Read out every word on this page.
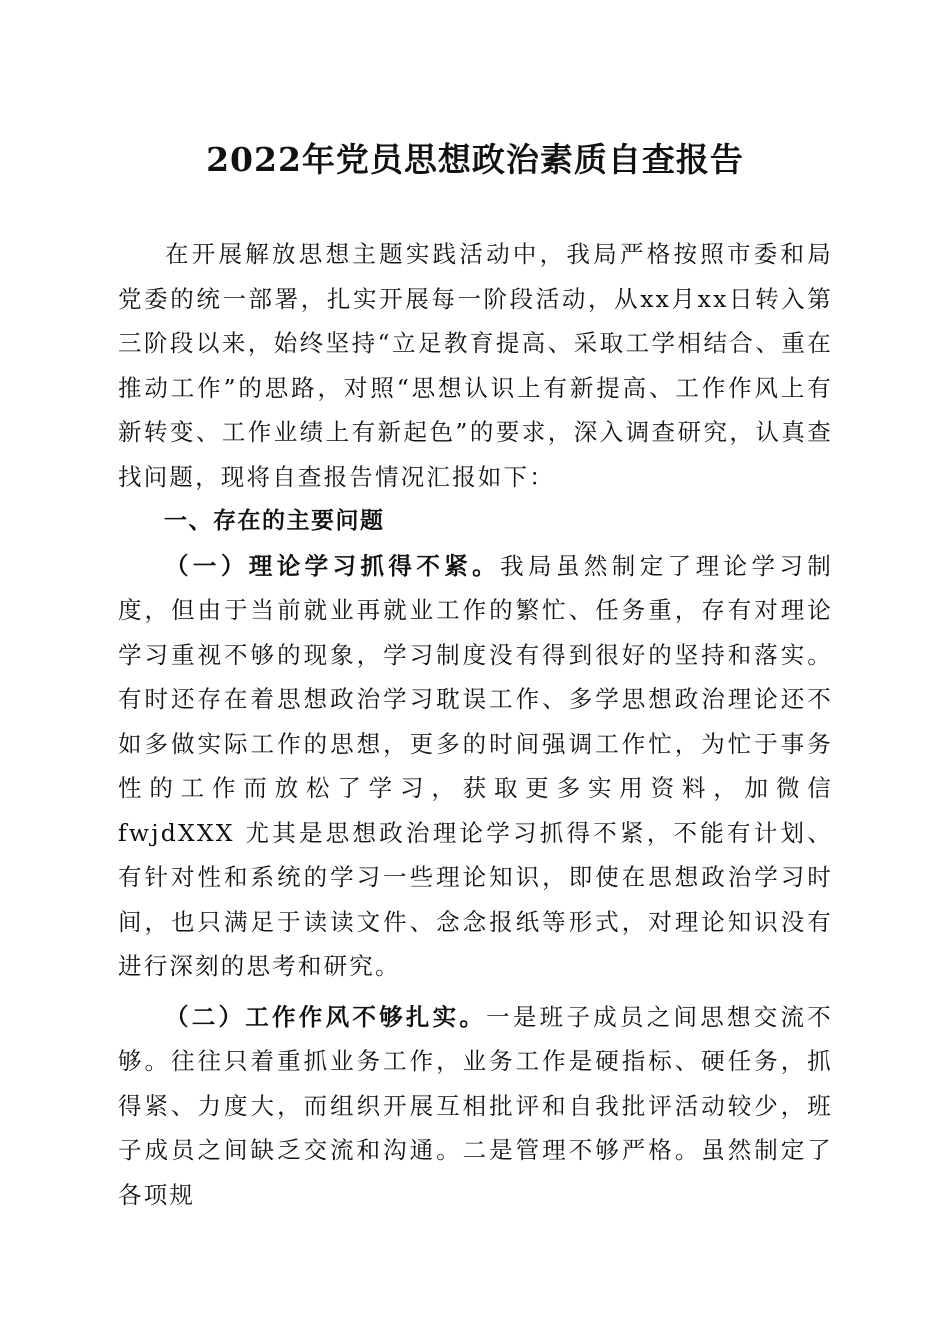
2022年党员思想政治素质自查报告

在开展解放思想主题实践活动中，我局严格按照市委和局党委的统一部署，扎实开展每一阶段活动，从xx月xx日转入第三阶段以来，始终坚持“立足教育提高、采取工学相结合、重在推动工作”的思路，对照“思想认识上有新提高、工作作风上有新转变、工作业绩上有新起色”的要求，深入调查研究，认真查找问题，现将自查报告情况汇报如下：

一、存在的主要问题

（一）理论学习抓得不紧。我局虽然制定了理论学习制度，但由于当前就业再就业工作的繁忙、任务重，存有对理论学习重视不够的现象，学习制度没有得到很好的坚持和落实。有时还存在着思想政治学习耽误工作、多学思想政治理论还不如多做实际工作的思想，更多的时间强调工作忙，为忙于事务性的工作而放松了学习，获取更多实用资料，加微信 fwjdXXX 尤其是思想政治理论学习抓得不紧，不能有计划、有针对性和系统的学习一些理论知识，即使在思想政治学习时间，也只满足于读读文件、念念报纸等形式，对理论知识没有进行深刻的思考和研究。

（二）工作作风不够扎实。一是班子成员之间思想交流不够。往往只着重抓业务工作，业务工作是硬指标、硬任务，抓得紧、力度大，而组织开展互相批评和自我批评活动较少，班子成员之间缺乏交流和沟通。二是管理不够严格。虽然制定了各项规
